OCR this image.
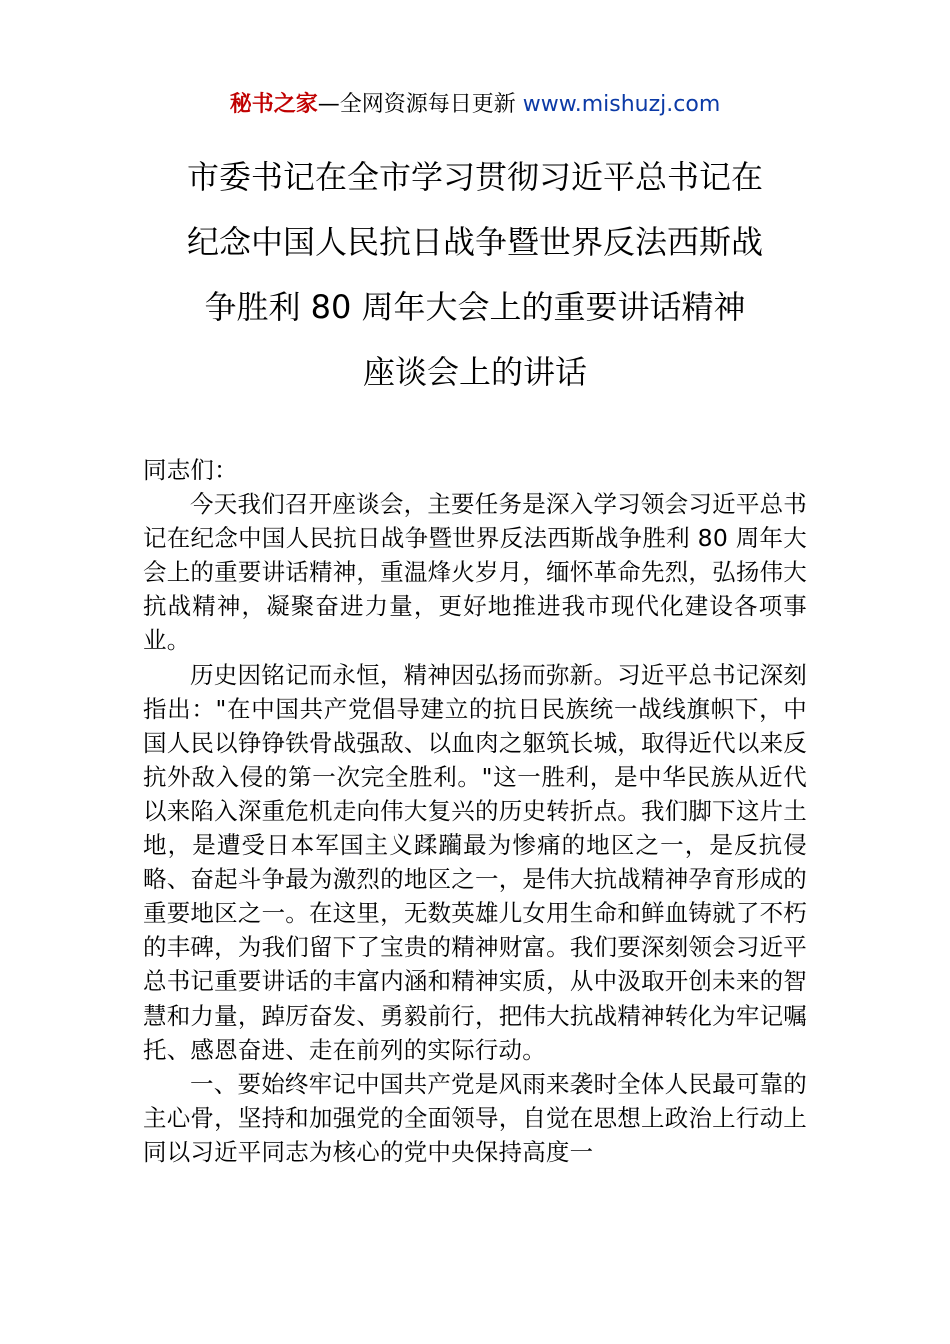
秘书之家—全网资源每日更新 www.mishuzj.com
市委书记在全市学习贯彻习近平总书记在
纪念中国人民抗日战争暨世界反法西斯战
争胜利 80 周年大会上的重要讲话精神
座谈会上的讲话

同志们：

今天我们召开座谈会，主要任务是深入学习领会习近平总书记在纪念中国人民抗日战争暨世界反法西斯战争胜利 80 周年大会上的重要讲话精神，重温烽火岁月，缅怀革命先烈，弘扬伟大抗战精神，凝聚奋进力量，更好地推进我市现代化建设各项事业。

历史因铭记而永恒，精神因弘扬而弥新。习近平总书记深刻指出："在中国共产党倡导建立的抗日民族统一战线旗帜下，中国人民以铮铮铁骨战强敌、以血肉之躯筑长城，取得近代以来反抗外敌入侵的第一次完全胜利。"这一胜利，是中华民族从近代以来陷入深重危机走向伟大复兴的历史转折点。我们脚下这片土地，是遭受日本军国主义蹂躏最为惨痛的地区之一，是反抗侵略、奋起斗争最为激烈的地区之一，是伟大抗战精神孕育形成的重要地区之一。在这里，无数英雄儿女用生命和鲜血铸就了不朽的丰碑，为我们留下了宝贵的精神财富。我们要深刻领会习近平总书记重要讲话的丰富内涵和精神实质，从中汲取开创未来的智慧和力量，踔厉奋发、勇毅前行，把伟大抗战精神转化为牢记嘱托、感恩奋进、走在前列的实际行动。

一、要始终牢记中国共产党是风雨来袭时全体人民最可靠的主心骨，坚持和加强党的全面领导，自觉在思想上政治上行动上同以习近平同志为核心的党中央保持高度一
